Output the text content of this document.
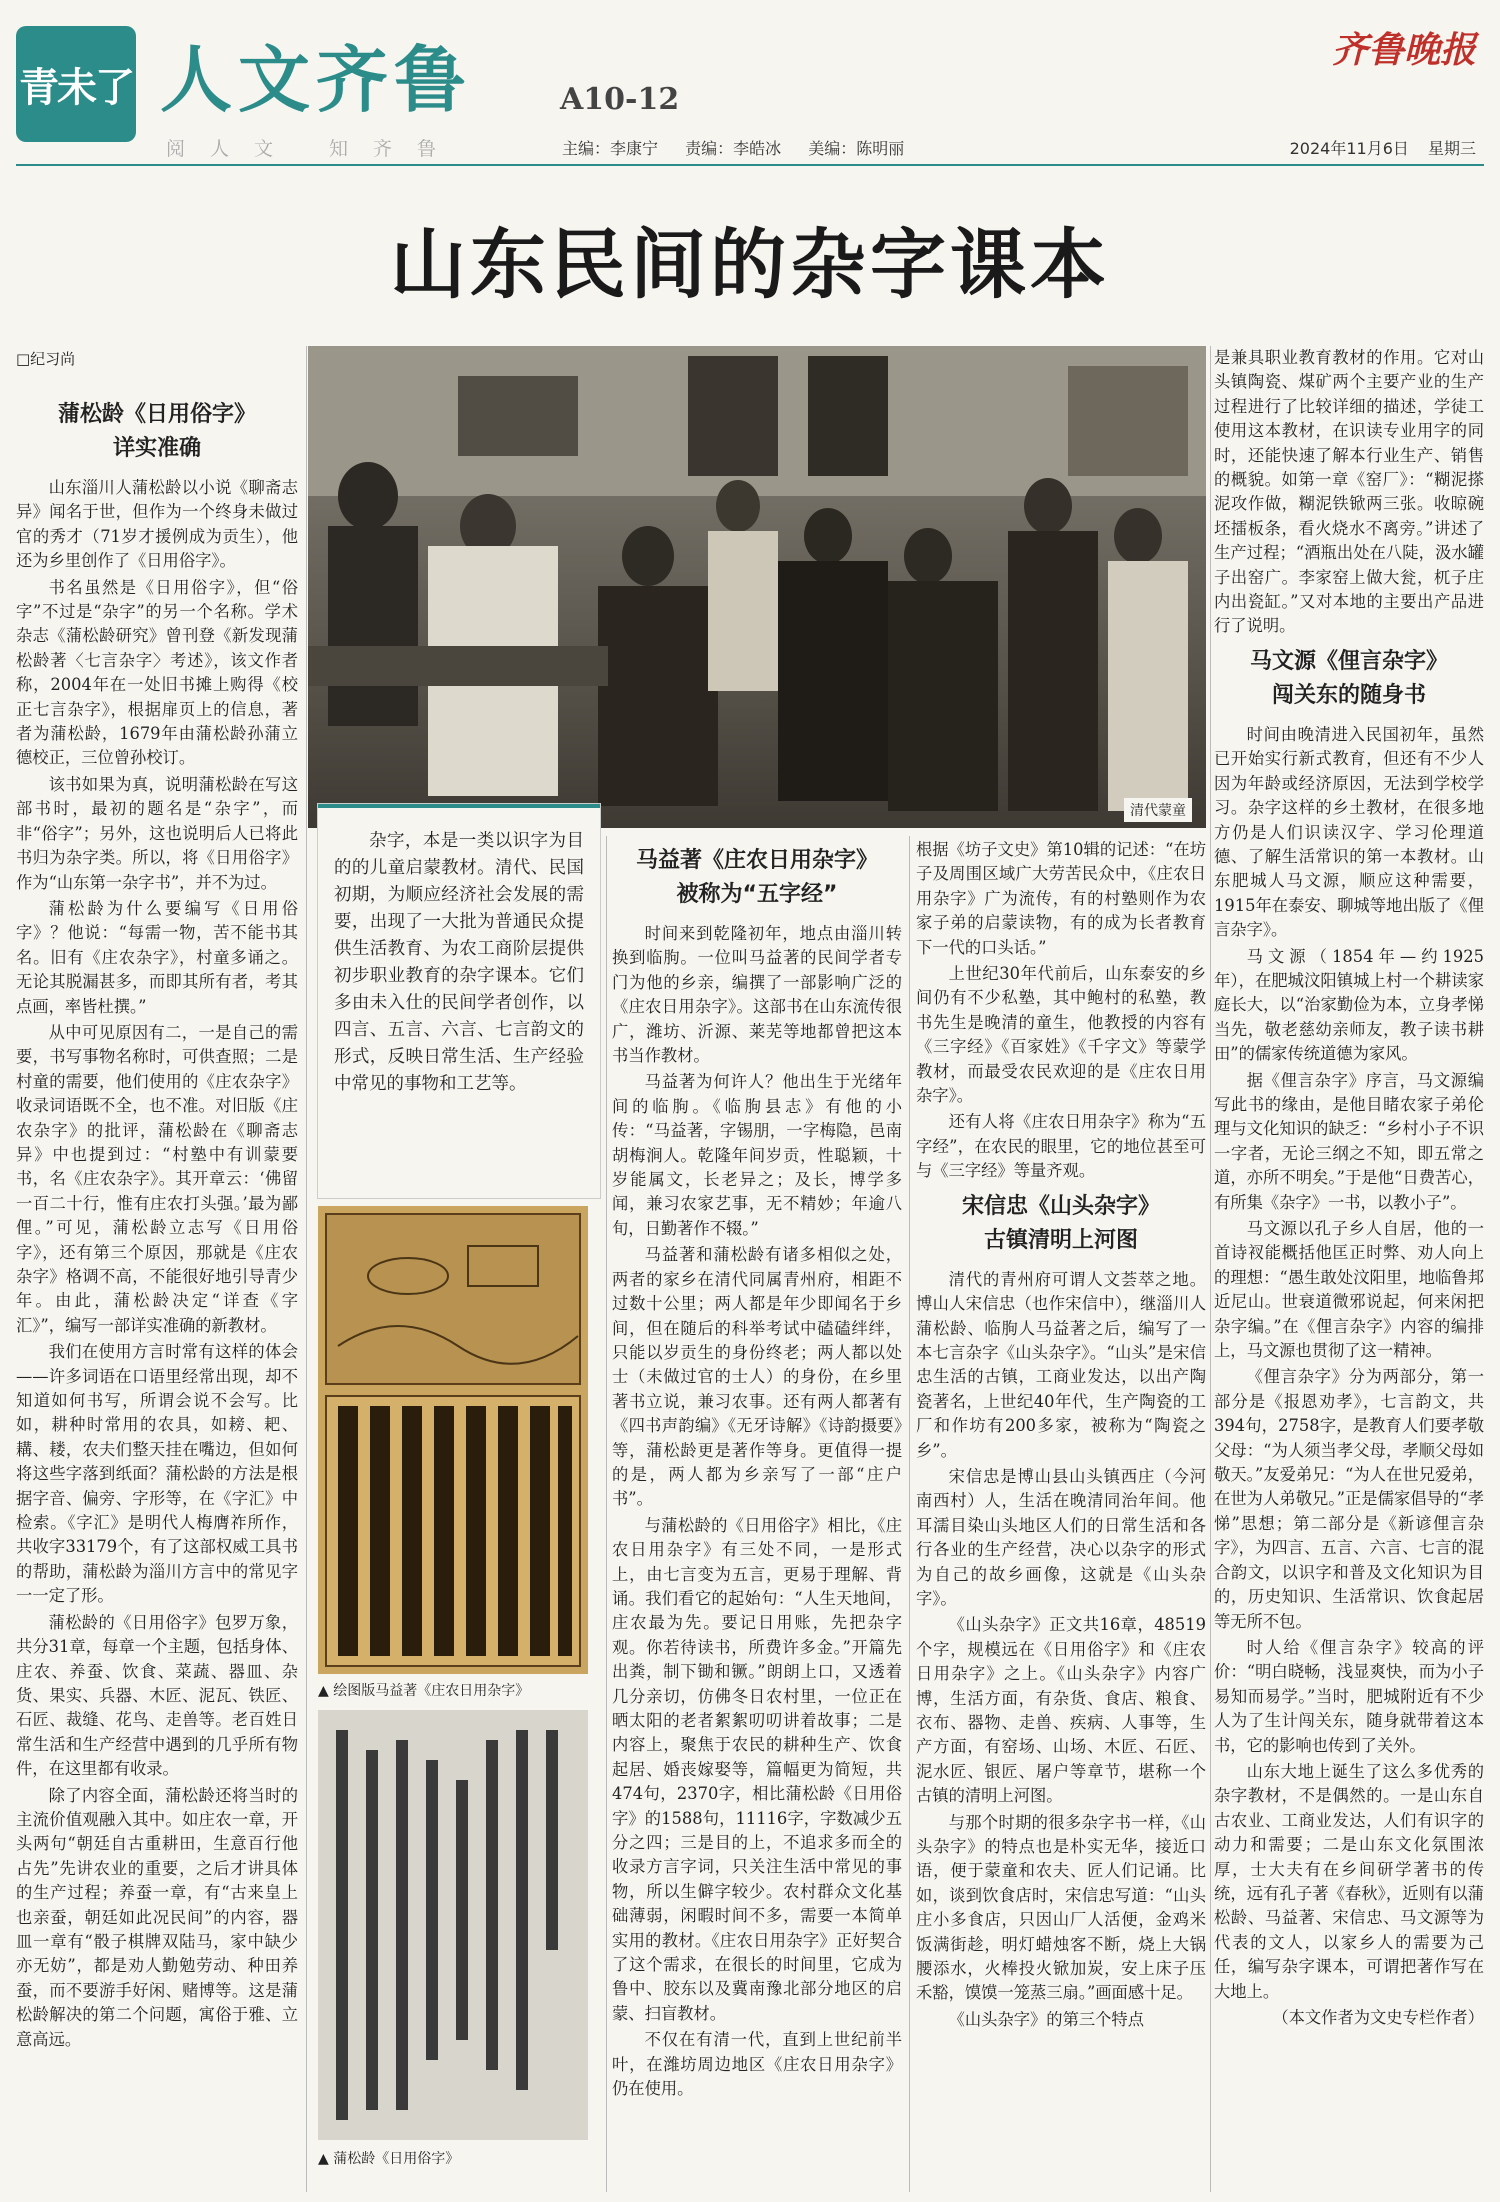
青未了 人文齐鲁	A10-12
阅人文 知齐鲁	主编：李康宁 责编：李皓冰 美编：陈明丽
齐鲁晚报
2024年11月6日 星期三
山东民间的杂字课本
□纪习尚
蒲松龄《日用俗字》
详实准确

山东淄川人蒲松龄以小说《聊斋志异》闻名于世，但作为一个终身未做过官的秀才（71岁才援例成为贡生），他还为乡里创作了《日用俗字》。

书名虽然是《日用俗字》，但“俗字”不过是“杂字”的另一个名称。学术杂志《蒲松龄研究》曾刊登《新发现蒲松龄著〈七言杂字〉考述》，该文作者称，2004年在一处旧书摊上购得《校正七言杂字》，根据扉页上的信息，著者为蒲松龄，1679年由蒲松龄孙蒲立德校正，三位曾孙校订。

该书如果为真，说明蒲松龄在写这部书时，最初的题名是“杂字”，而非“俗字”；另外，这也说明后人已将此书归为杂字类。所以，将《日用俗字》作为“山东第一杂字书”，并不为过。

蒲松龄为什么要编写《日用俗字》？他说：“每需一物，苦不能书其名。旧有《庄农杂字》，村童多诵之。无论其脱漏甚多，而即其所有者，考其点画，率皆杜撰。”

从中可见原因有二，一是自己的需要，书写事物名称时，可供查照；二是村童的需要，他们使用的《庄农杂字》收录词语既不全，也不准。对旧版《庄农杂字》的批评，蒲松龄在《聊斋志异》中也提到过：“村塾中有训蒙要书，名《庄农杂字》。其开章云：‘佛留一百二十行，惟有庄农打头强。’最为鄙俚。”可见，蒲松龄立志写《日用俗字》，还有第三个原因，那就是《庄农杂字》格调不高，不能很好地引导青少年。由此，蒲松龄决定“详查《字汇》”，编写一部详实准确的新教材。

我们在使用方言时常有这样的体会——许多词语在口语里经常出现，却不知道如何书写，所谓会说不会写。比如，耕种时常用的农具，如耪、耙、耩、耧，农夫们整天挂在嘴边，但如何将这些字落到纸面？蒲松龄的方法是根据字音、偏旁、字形等，在《字汇》中检索。《字汇》是明代人梅膺祚所作，共收字33179个，有了这部权威工具书的帮助，蒲松龄为淄川方言中的常见字一一定了形。

蒲松龄的《日用俗字》包罗万象，共分31章，每章一个主题，包括身体、庄农、养蚕、饮食、菜蔬、器皿、杂货、果实、兵器、木匠、泥瓦、铁匠、石匠、裁缝、花鸟、走兽等。老百姓日常生活和生产经营中遇到的几乎所有物件，在这里都有收录。

除了内容全面，蒲松龄还将当时的主流价值观融入其中。如庄农一章，开头两句“朝廷自古重耕田，生意百行他占先”先讲农业的重要，之后才讲具体的生产过程；养蚕一章，有“古来皇上也亲蚕，朝廷如此况民间”的内容，器皿一章有“骰子棋牌双陆马，家中缺少亦无妨”，都是劝人勤勉劳动、种田养蚕，而不要游手好闲、赌博等。这是蒲松龄解决的第二个问题，寓俗于雅、立意高远。

清代蒙童
杂字，本是一类以识字为目的的儿童启蒙教材。清代、民国初期，为顺应经济社会发展的需要，出现了一大批为普通民众提供生活教育、为农工商阶层提供初步职业教育的杂字课本。它们多由未入仕的民间学者创作，以四言、五言、六言、七言韵文的形式，反映日常生活、生产经验中常见的事物和工艺等。
▲ 绘图版马益著《庄农日用杂字》
▲ 蒲松龄《日用俗字》
马益著《庄农日用杂字》
被称为“五字经”

时间来到乾隆初年，地点由淄川转换到临朐。一位叫马益著的民间学者专门为他的乡亲，编撰了一部影响广泛的《庄农日用杂字》。这部书在山东流传很广，潍坊、沂源、莱芜等地都曾把这本书当作教材。

马益著为何许人？他出生于光绪年间的临朐。《临朐县志》有他的小传：“马益著，字锡朋，一字梅隐，邑南胡梅涧人。乾隆年间岁贡，性聪颖，十岁能属文，长老异之；及长，博学多闻，兼习农家艺事，无不精妙；年逾八旬，日勤著作不辍。”

马益著和蒲松龄有诸多相似之处，两者的家乡在清代同属青州府，相距不过数十公里；两人都是年少即闻名于乡间，但在随后的科举考试中磕磕绊绊，只能以岁贡生的身份终老；两人都以处士（未做过官的士人）的身份，在乡里著书立说，兼习农事。还有两人都著有《四书声韵编》《无牙诗解》《诗韵摄要》等，蒲松龄更是著作等身。更值得一提的是，两人都为乡亲写了一部“庄户书”。

与蒲松龄的《日用俗字》相比，《庄农日用杂字》有三处不同，一是形式上，由七言变为五言，更易于理解、背诵。我们看它的起始句：“人生天地间，庄农最为先。要记日用账，先把杂字观。你若待读书，所费许多金。”开篇先出粪，制下锄和镢。”朗朗上口，又透着几分亲切，仿佛冬日农村里，一位正在晒太阳的老者絮絮叨叨讲着故事；二是内容上，聚焦于农民的耕种生产、饮食起居、婚丧嫁娶等，篇幅更为简短，共474句，2370字，相比蒲松龄《日用俗字》的1588句，11116字，字数减少五分之四；三是目的上，不追求多而全的收录方言字词，只关注生活中常见的事物，所以生僻字较少。农村群众文化基础薄弱，闲暇时间不多，需要一本简单实用的教材。《庄农日用杂字》正好契合了这个需求，在很长的时间里，它成为鲁中、胶东以及冀南豫北部分地区的启蒙、扫盲教材。

不仅在有清一代，直到上世纪前半叶，在潍坊周边地区《庄农日用杂字》仍在使用。

根据《坊子文史》第10辑的记述：“在坊子及周围区域广大劳苦民众中，《庄农日用杂字》广为流传，有的村塾则作为农家子弟的启蒙读物，有的成为长者教育下一代的口头话。”

上世纪30年代前后，山东泰安的乡间仍有不少私塾，其中鲍村的私塾，教书先生是晚清的童生，他教授的内容有《三字经》《百家姓》《千字文》等蒙学教材，而最受农民欢迎的是《庄农日用杂字》。

还有人将《庄农日用杂字》称为“五字经”，在农民的眼里，它的地位甚至可与《三字经》等量齐观。

宋信忠《山头杂字》
古镇清明上河图

清代的青州府可谓人文荟萃之地。博山人宋信忠（也作宋信中），继淄川人蒲松龄、临朐人马益著之后，编写了一本七言杂字《山头杂字》。“山头”是宋信忠生活的古镇，工商业发达，以出产陶瓷著名，上世纪40年代，生产陶瓷的工厂和作坊有200多家，被称为“陶瓷之乡”。

宋信忠是博山县山头镇西庄（今河南西村）人，生活在晚清同治年间。他耳濡目染山头地区人们的日常生活和各行各业的生产经营，决心以杂字的形式为自己的故乡画像，这就是《山头杂字》。

《山头杂字》正文共16章，48519个字，规模远在《日用俗字》和《庄农日用杂字》之上。《山头杂字》内容广博，生活方面，有杂货、食店、粮食、衣布、器物、走兽、疾病、人事等，生产方面，有窑场、山场、木匠、石匠、泥水匠、银匠、屠户等章节，堪称一个古镇的清明上河图。

与那个时期的很多杂字书一样，《山头杂字》的特点也是朴实无华，接近口语，便于蒙童和农夫、匠人们记诵。比如，谈到饮食店时，宋信忠写道：“山头庄小多食店，只因山厂人活便，金鸡米饭满街趁，明灯蜡烛客不断，烧上大锅腰添水，火棒投火锨加炭，安上床子压禾豁，馍馍一笼蒸三扇。”画面感十足。

《山头杂字》的第三个特点

是兼具职业教育教材的作用。它对山头镇陶瓷、煤矿两个主要产业的生产过程进行了比较详细的描述，学徒工使用这本教材，在识读专业用字的同时，还能快速了解本行业生产、销售的概貌。如第一章《窑厂》：“糊泥搽泥攻作做，糊泥铁锨两三张。收晾碗坯擂板条，看火烧水不离旁。”讲述了生产过程；“酒瓶出处在八陡，汲水罐子出窑广。李家窑上做大瓮，杌子庄内出瓷缸。”又对本地的主要出产品进行了说明。

马文源《俚言杂字》
闯关东的随身书

时间由晚清进入民国初年，虽然已开始实行新式教育，但还有不少人因为年龄或经济原因，无法到学校学习。杂字这样的乡土教材，在很多地方仍是人们识读汉字、学习伦理道德、了解生活常识的第一本教材。山东肥城人马文源，顺应这种需要，1915年在泰安、聊城等地出版了《俚言杂字》。

马文源（1854年—约1925年），在肥城汶阳镇城上村一个耕读家庭长大，以“治家勤俭为本，立身孝悌当先，敬老慈幼亲师友，教子读书耕田”的儒家传统道德为家风。

据《俚言杂字》序言，马文源编写此书的缘由，是他目睹农家子弟伦理与文化知识的缺乏：“乡村小子不识一字者，无论三纲之不知，即五常之道，亦所不明矣。”于是他“日费苦心，有所集《杂字》一书，以教小子”。

马文源以孔子乡人自居，他的一首诗衩能概括他匡正时弊、劝人向上的理想：“愚生敢处汶阳里，地临鲁邦近尼山。世衰道微邪说起，何来闲把杂字编。”在《俚言杂字》内容的编排上，马文源也贯彻了这一精神。

《俚言杂字》分为两部分，第一部分是《报恩劝孝》，七言韵文，共394句，2758字，是教育人们要孝敬父母：“为人须当孝父母，孝顺父母如敬天。”友爱弟兄：“为人在世兄爱弟，在世为人弟敬兄。”正是儒家倡导的“孝悌”思想；第二部分是《新谚俚言杂字》，为四言、五言、六言、七言的混合韵文，以识字和普及文化知识为目的，历史知识、生活常识、饮食起居等无所不包。

时人给《俚言杂字》较高的评价：“明白晓畅，浅显爽快，而为小子易知而易学。”当时，肥城附近有不少人为了生计闯关东，随身就带着这本书，它的影响也传到了关外。

山东大地上诞生了这么多优秀的杂字教材，不是偶然的。一是山东自古农业、工商业发达，人们有识字的动力和需要；二是山东文化氛围浓厚，士大夫有在乡间研学著书的传统，远有孔子著《春秋》，近则有以蒲松龄、马益著、宋信忠、马文源等为代表的文人，以家乡人的需要为己任，编写杂字课本，可谓把著作写在大地上。

（本文作者为文史专栏作者）
